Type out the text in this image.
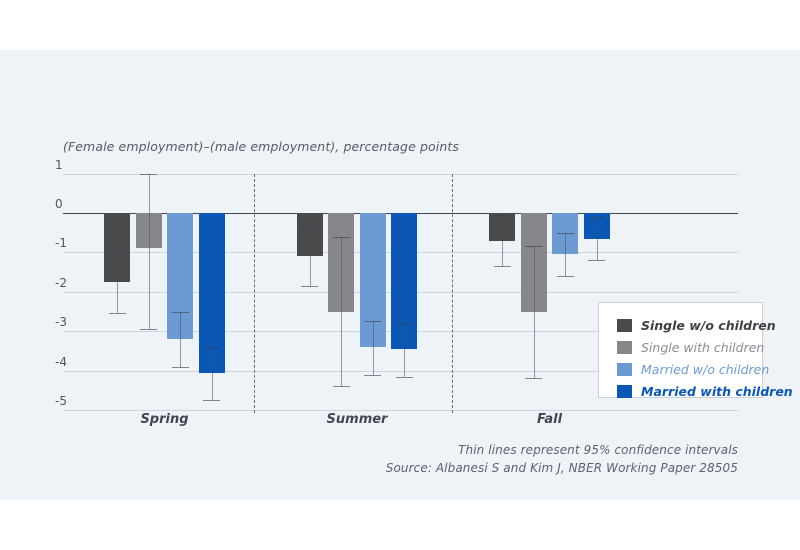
(Female employment)–(male employment), percentage points
1
0
-1
-2
-3
-4
-5
Spring	Summer	Fall
Single w/o children
Single with children
Married w/o children
Married with children
Thin lines represent 95% confidence intervals
Source: Albanesi S and Kim J, NBER Working Paper 28505
